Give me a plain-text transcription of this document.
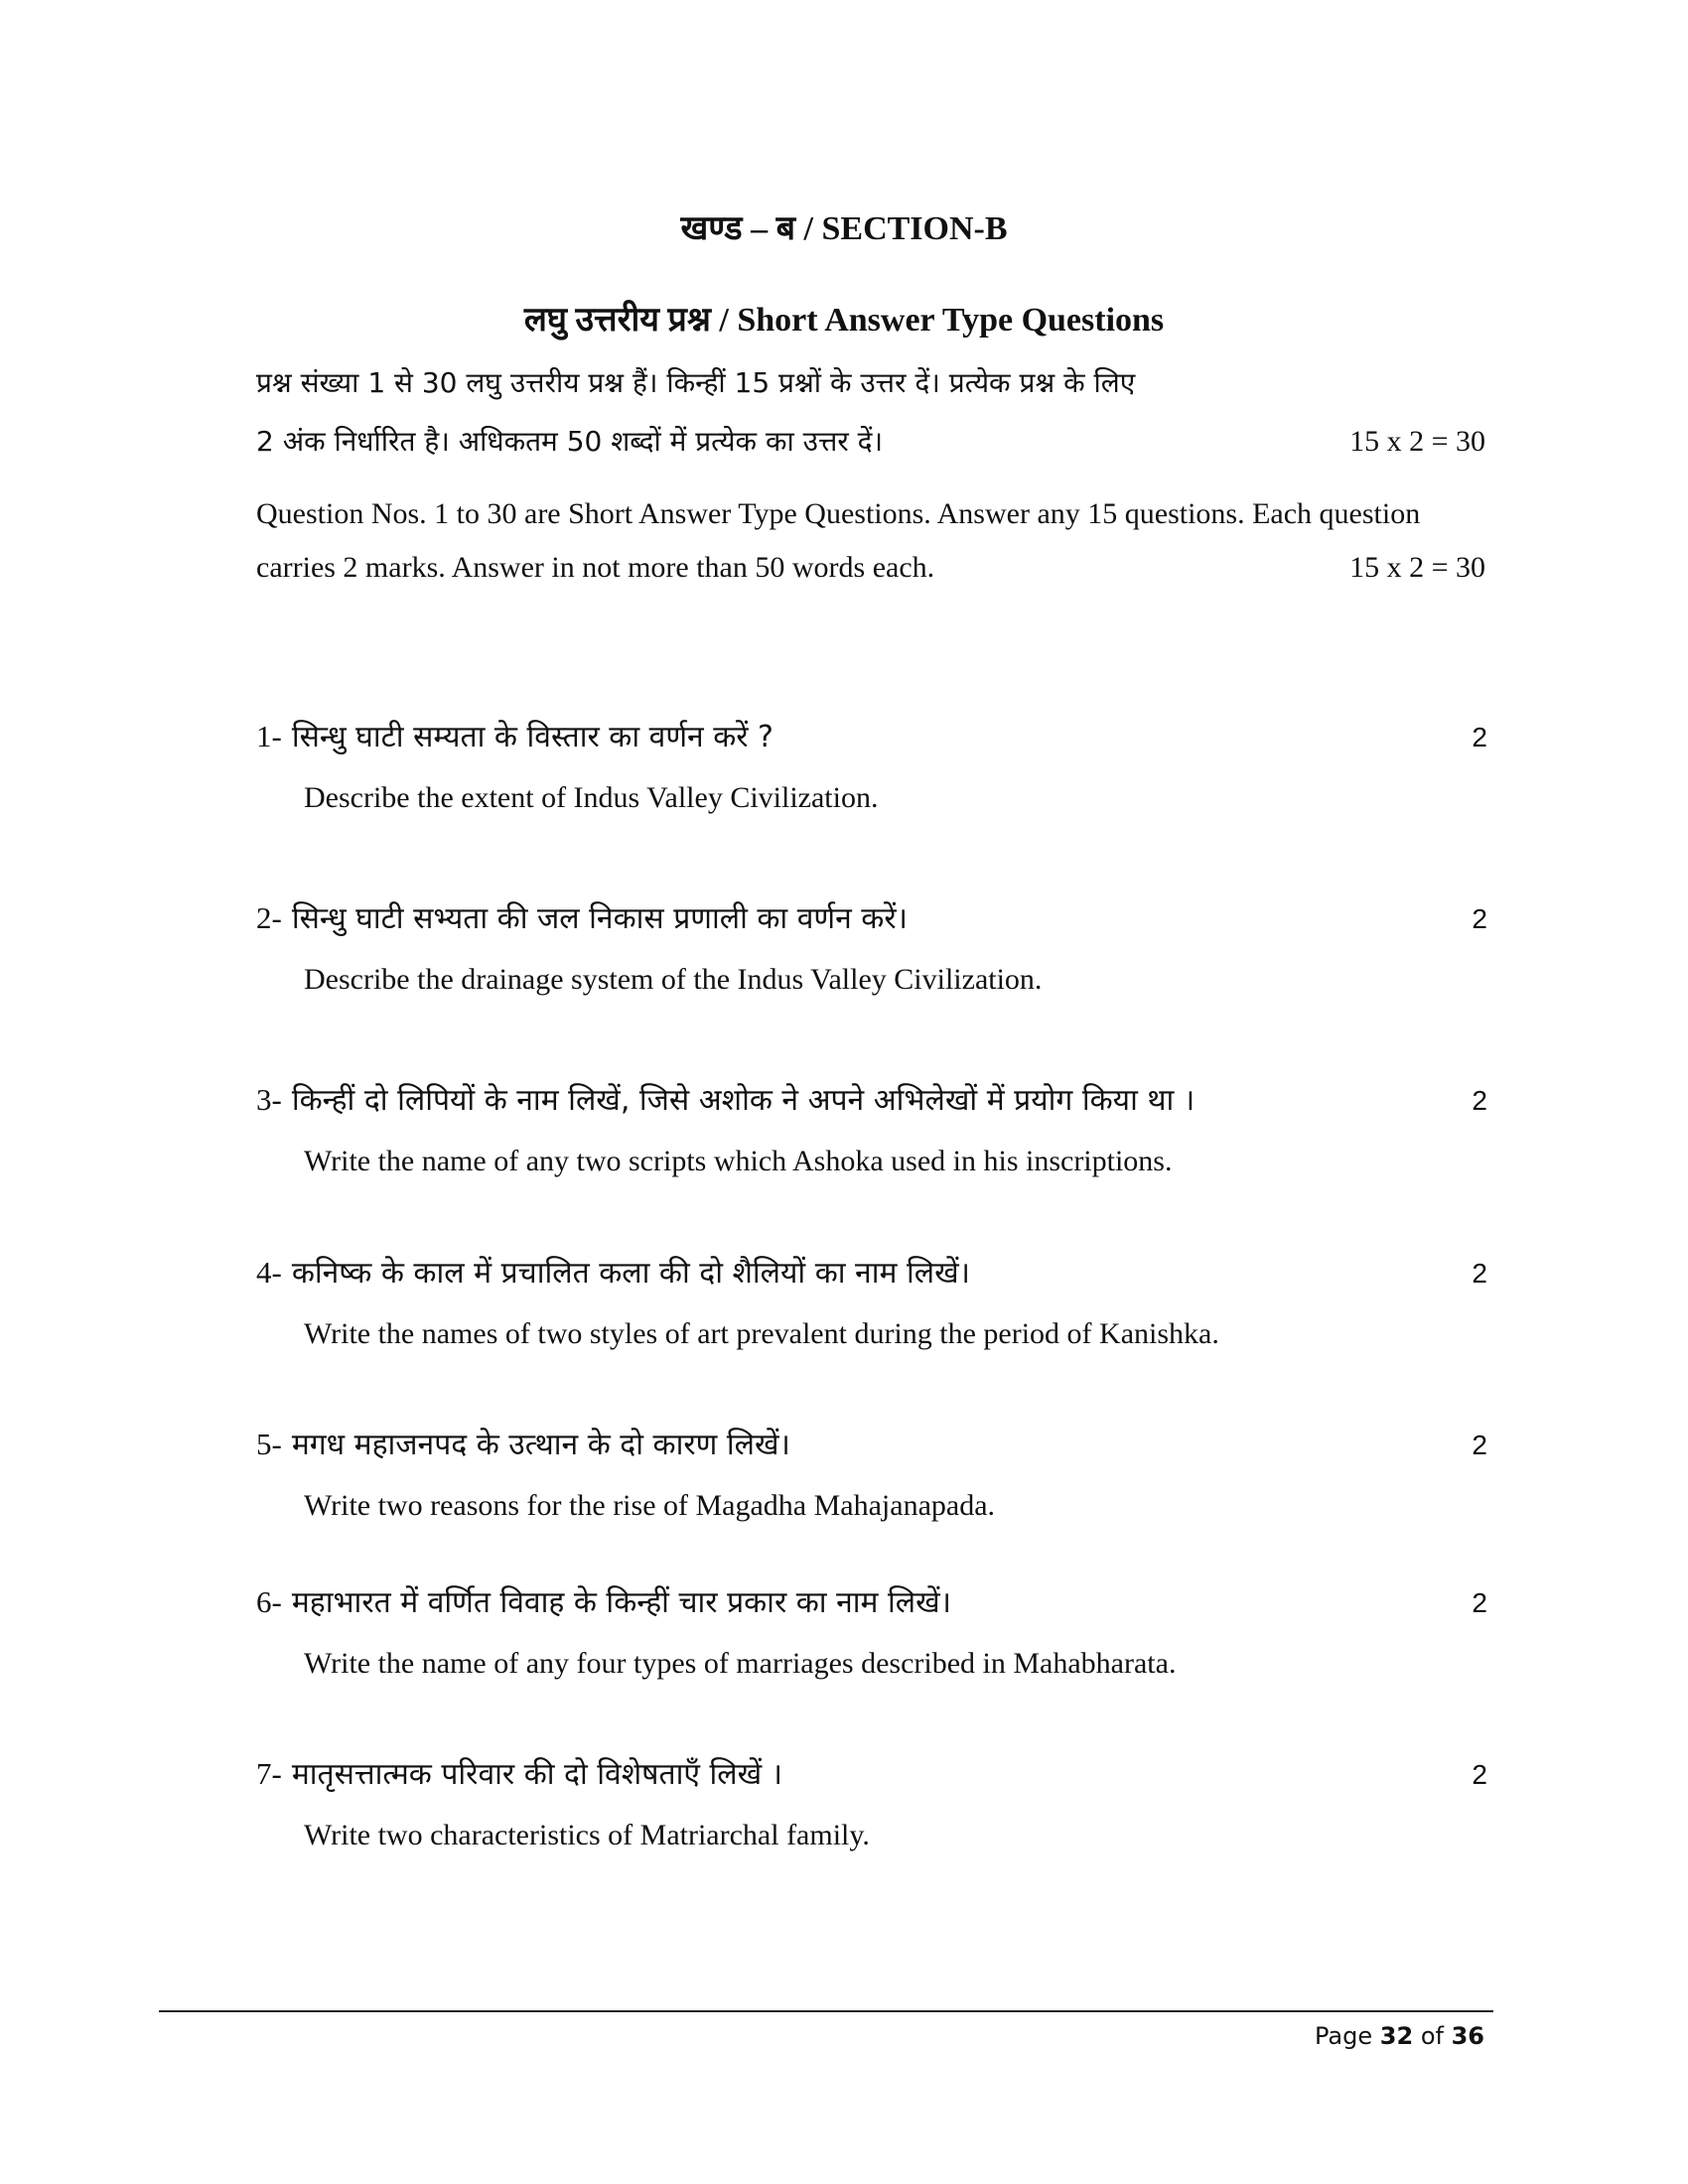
खण्ड – ब / SECTION-B
लघु उत्तरीय प्रश्न / Short Answer Type Questions
प्रश्न संख्या 1 से 30 लघु उत्तरीय प्रश्न हैं। किन्हीं 15 प्रश्नों के उत्तर दें। प्रत्येक प्रश्न के लिए
2 अंक निर्धारित है। अधिकतम 50 शब्दों में प्रत्येक का उत्तर दें।	15 x 2 = 30
Question Nos. 1 to 30 are Short Answer Type Questions. Answer any 15 questions. Each question
carries 2 marks. Answer in not more than 50 words each.	15 x 2 = 30
1- सिन्धु घाटी सम्यता के विस्तार का वर्णन करें ?	2
Describe the extent of Indus Valley Civilization.
2- सिन्धु घाटी सभ्यता की जल निकास प्रणाली का वर्णन करें।	2
Describe the drainage system of the Indus Valley Civilization.
3- किन्हीं दो लिपियों के नाम लिखें, जिसे अशोक ने अपने अभिलेखों में प्रयोग किया था ।	2
Write the name of any two scripts which Ashoka used in his inscriptions.
4- कनिष्क के काल में प्रचालित कला की दो शैलियों का नाम लिखें।	2
Write the names of two styles of art prevalent during the period of Kanishka.
5- मगध महाजनपद के उत्थान के दो कारण लिखें।	2
Write two reasons for the rise of Magadha Mahajanapada.
6- महाभारत में वर्णित विवाह के किन्हीं चार प्रकार का नाम लिखें।	2
Write the name of any four types of marriages described in Mahabharata.
7- मातृसत्तात्मक परिवार की दो विशेषताएँ लिखें ।	2
Write two characteristics of Matriarchal family.
Page 32 of 36
